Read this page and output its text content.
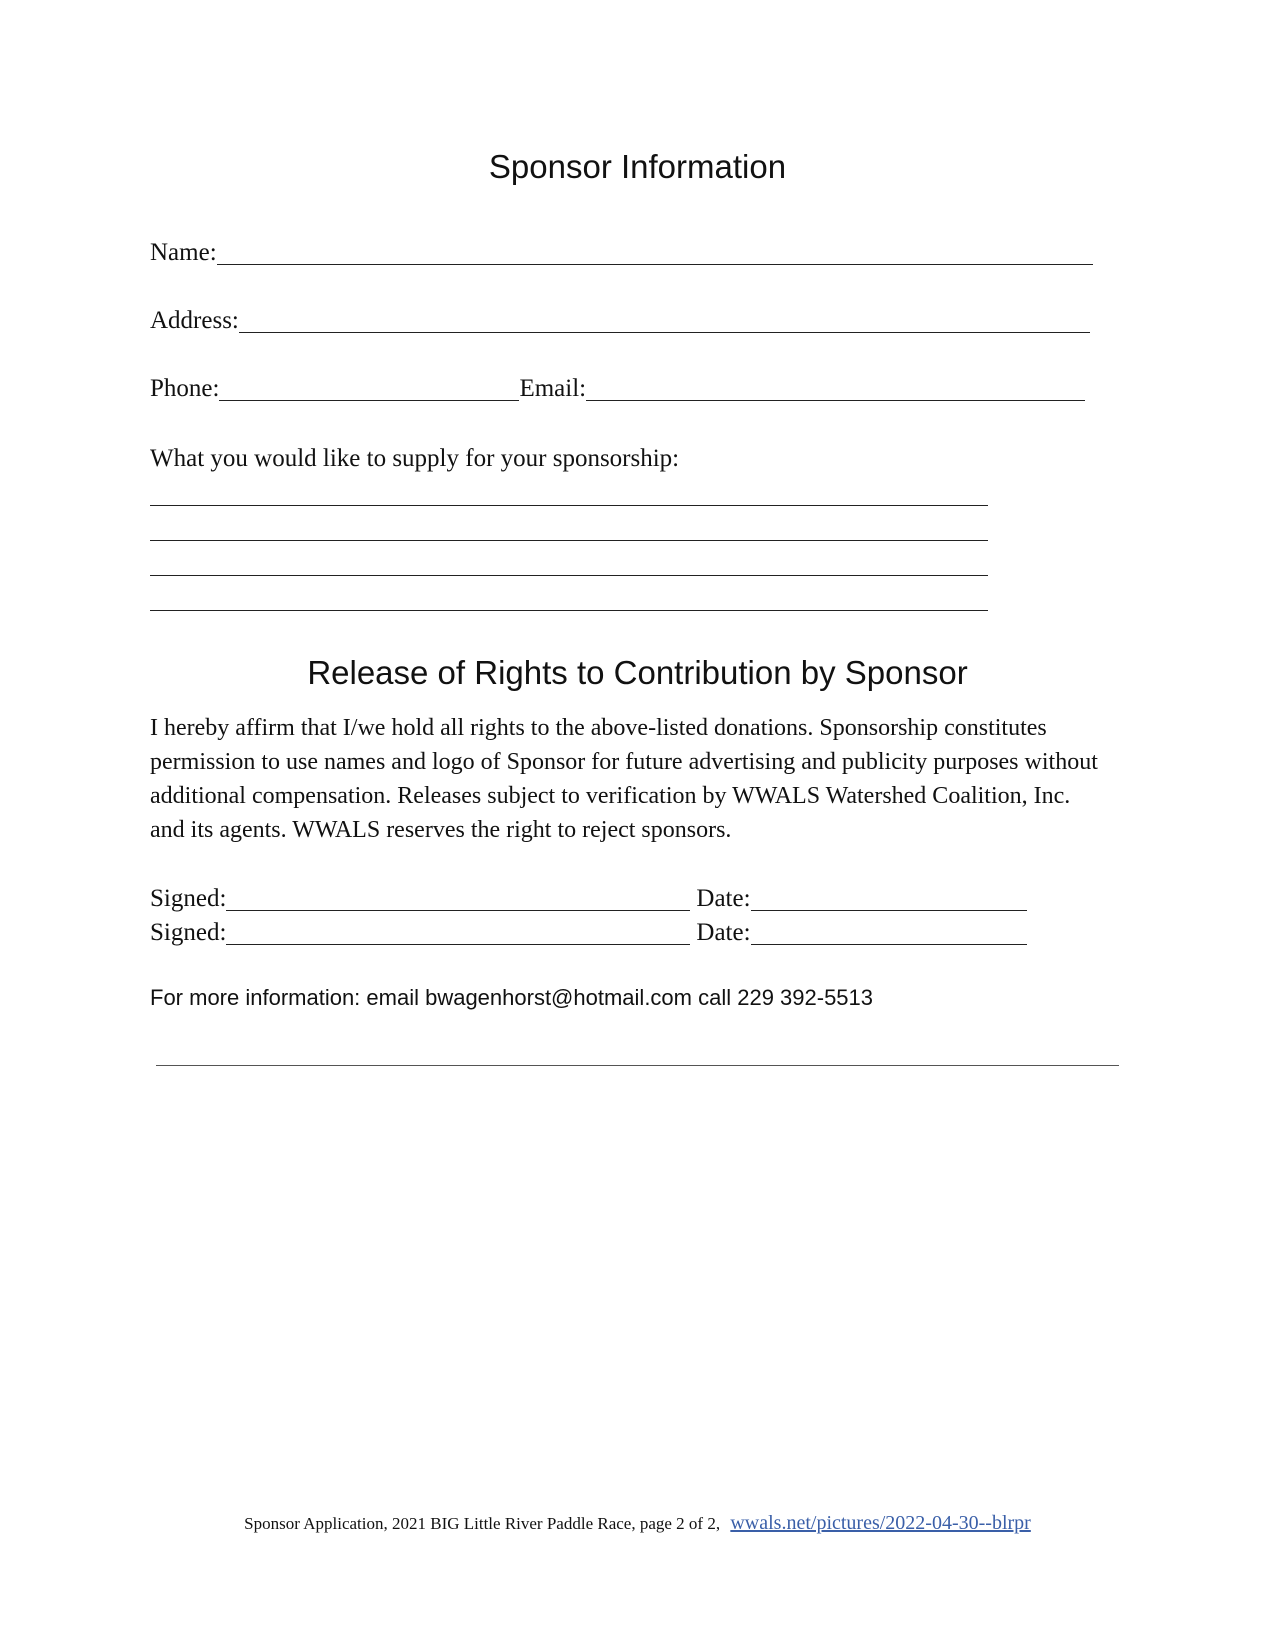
Sponsor Information
Name:
Address:
Phone:	Email:
What you would like to supply for your sponsorship:
Release of Rights to Contribution by Sponsor
I hereby affirm that I/we hold all rights to the above-listed donations. Sponsorship constitutes permission to use names and logo of Sponsor for future advertising and publicity purposes without additional compensation. Releases subject to verification by WWALS Watershed Coalition, Inc. and its agents. WWALS reserves the right to reject sponsors.
Signed:	Date:
Signed:	Date:
For more information: email bwagenhorst@hotmail.com call 229 392-5513
Sponsor Application, 2021 BIG Little River Paddle Race, page 2 of 2, wwals.net/pictures/2022-04-30--blrpr
